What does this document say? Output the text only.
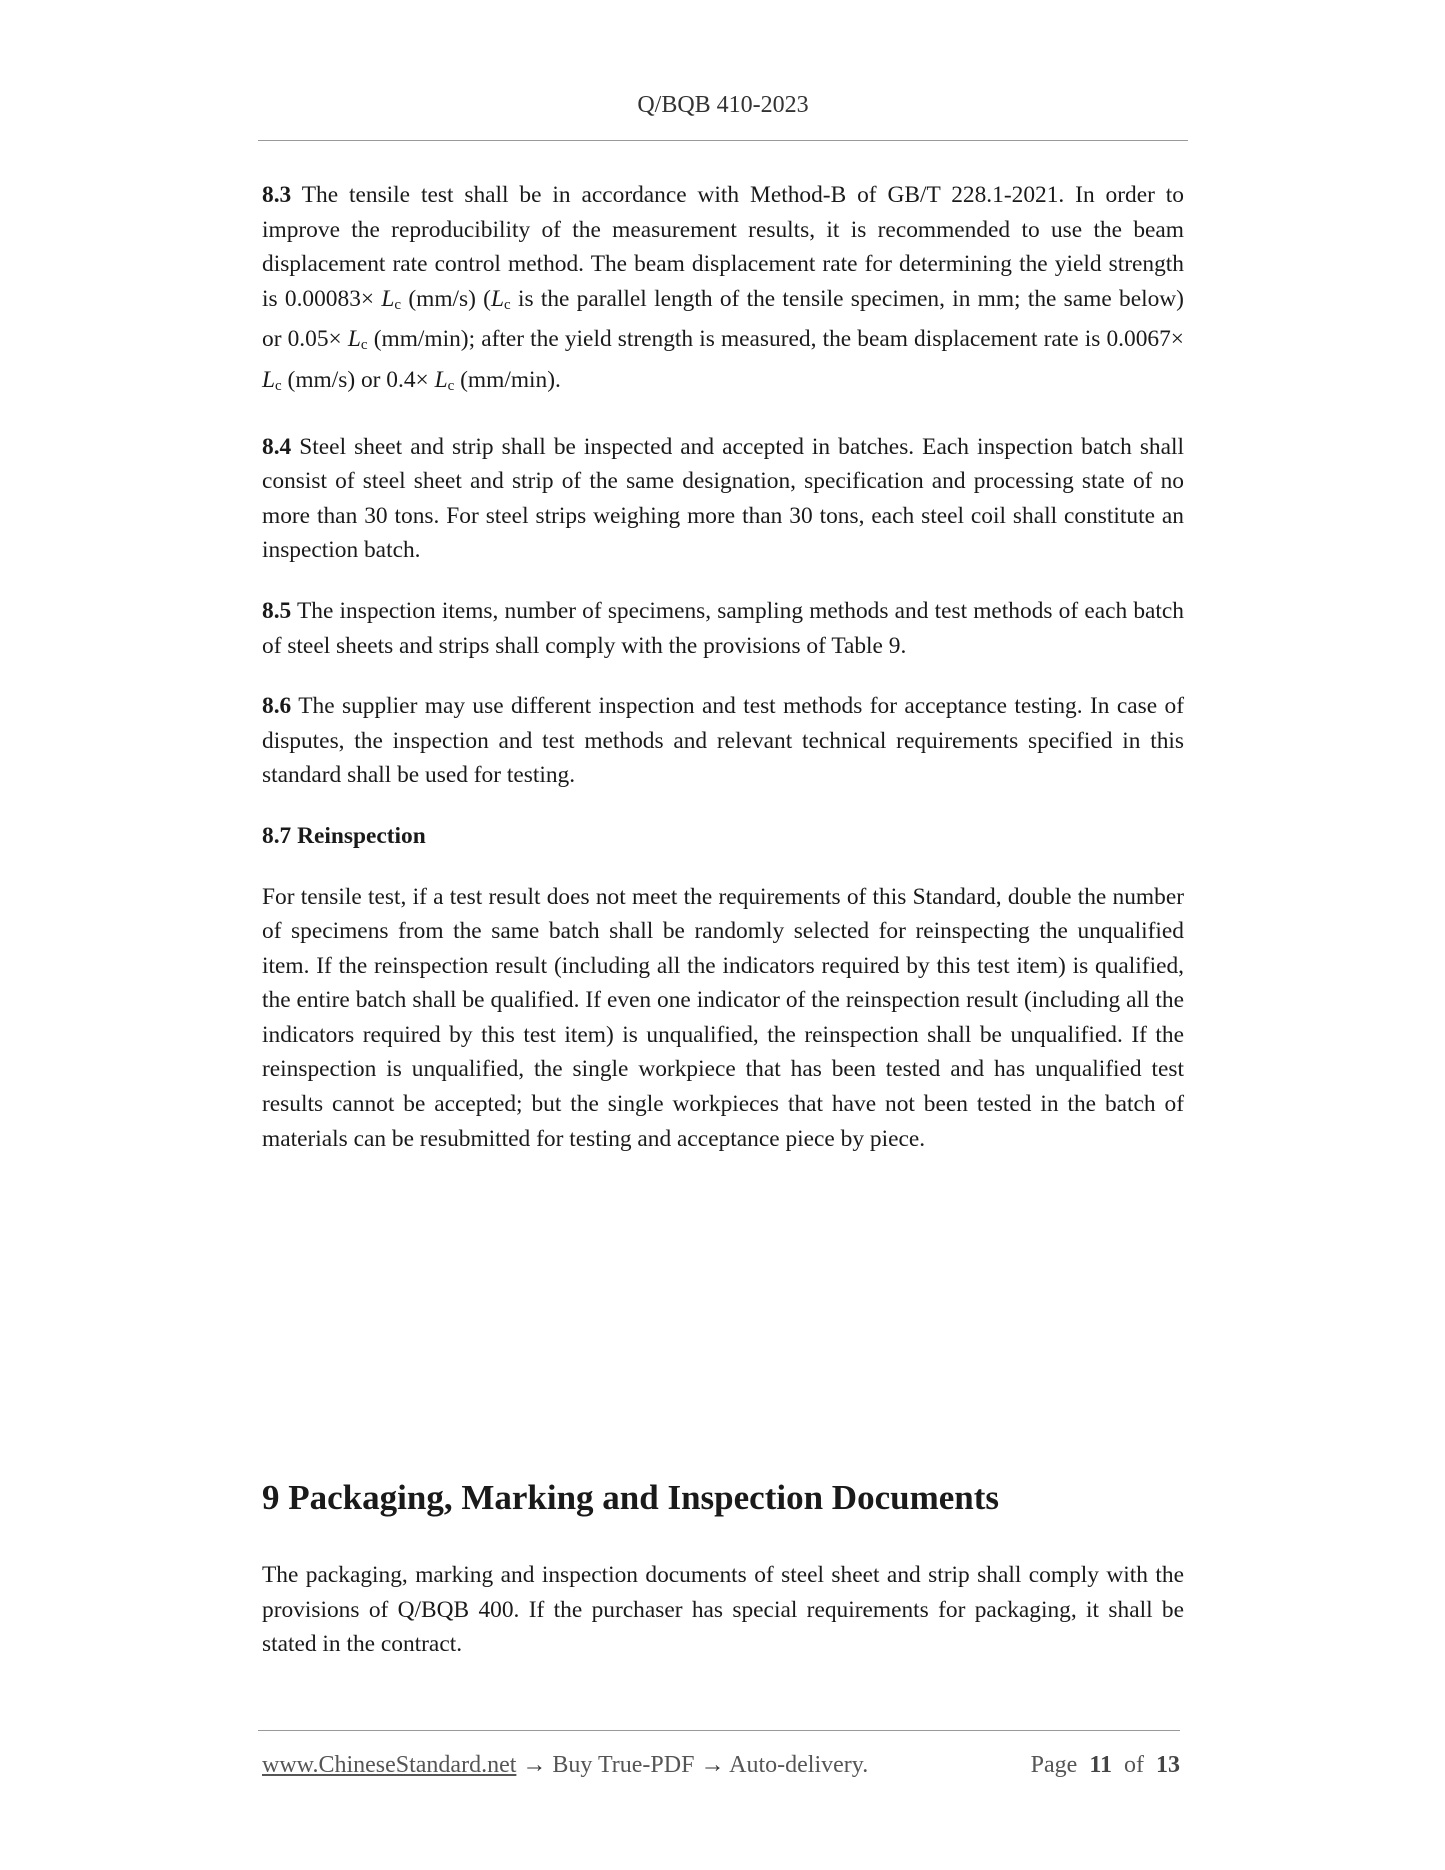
Q/BQB 410-2023

8.3 The tensile test shall be in accordance with Method-B of GB/T 228.1-2021. In order to improve the reproducibility of the measurement results, it is recommended to use the beam displacement rate control method. The beam displacement rate for determining the yield strength is 0.00083× Lc (mm/s) (Lc is the parallel length of the tensile specimen, in mm; the same below) or 0.05× Lc (mm/min); after the yield strength is measured, the beam displacement rate is 0.0067× Lc (mm/s) or 0.4× Lc (mm/min).

8.4 Steel sheet and strip shall be inspected and accepted in batches. Each inspection batch shall consist of steel sheet and strip of the same designation, specification and processing state of no more than 30 tons. For steel strips weighing more than 30 tons, each steel coil shall constitute an inspection batch.

8.5 The inspection items, number of specimens, sampling methods and test methods of each batch of steel sheets and strips shall comply with the provisions of Table 9.

8.6 The supplier may use different inspection and test methods for acceptance testing. In case of disputes, the inspection and test methods and relevant technical requirements specified in this standard shall be used for testing.

8.7 Reinspection

For tensile test, if a test result does not meet the requirements of this Standard, double the number of specimens from the same batch shall be randomly selected for reinspecting the unqualified item. If the reinspection result (including all the indicators required by this test item) is qualified, the entire batch shall be qualified. If even one indicator of the reinspection result (including all the indicators required by this test item) is unqualified, the reinspection shall be unqualified. If the reinspection is unqualified, the single workpiece that has been tested and has unqualified test results cannot be accepted; but the single workpieces that have not been tested in the batch of materials can be resubmitted for testing and acceptance piece by piece.

9 Packaging, Marking and Inspection Documents

The packaging, marking and inspection documents of steel sheet and strip shall comply with the provisions of Q/BQB 400. If the purchaser has special requirements for packaging, it shall be stated in the contract.

www.ChineseStandard.net → Buy True-PDF → Auto-delivery.	Page 11 of 13
